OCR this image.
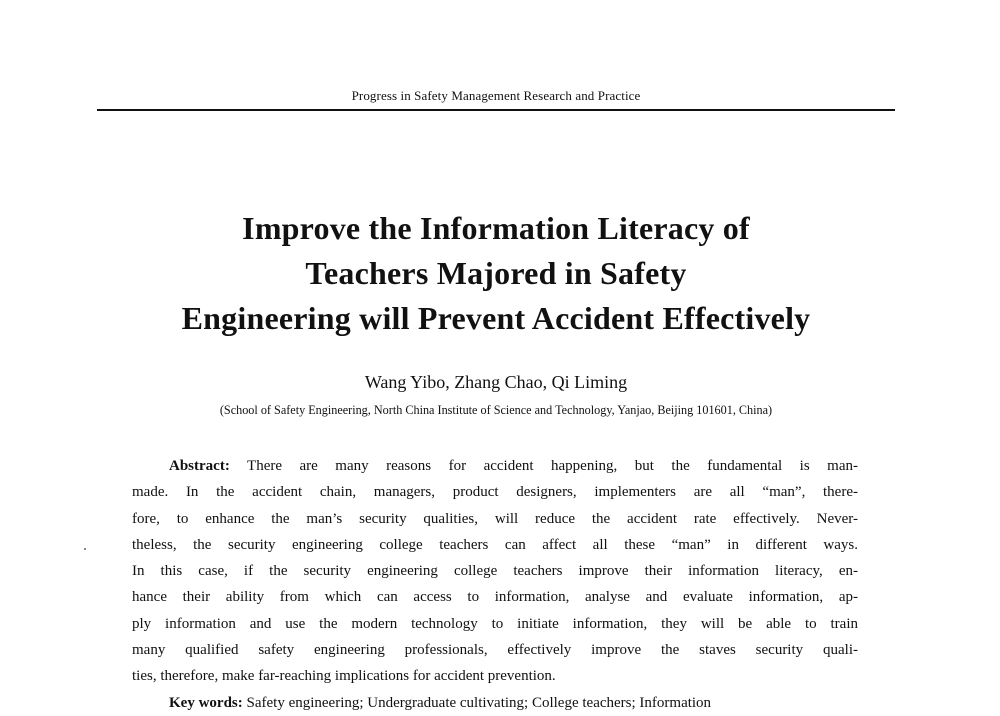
Progress in Safety Management Research and Practice
Improve the Information Literacy of
Teachers Majored in Safety
Engineering will Prevent Accident Effectively
Wang Yibo, Zhang Chao, Qi Liming
(School of Safety Engineering, North China Institute of Science and Technology, Yanjao, Beijing 101601, China)
Abstract: There are many reasons for accident happening, but the fundamental is man-
made. In the accident chain, managers, product designers, implementers are all “man”, there-
fore, to enhance the man’s security qualities, will reduce the accident rate effectively. Never-
theless, the security engineering college teachers can affect all these “man” in different ways.
In this case, if the security engineering college teachers improve their information literacy, en-
hance their ability from which can access to information, analyse and evaluate information, ap-
ply information and use the modern technology to initiate information, they will be able to train
many qualified safety engineering professionals, effectively improve the staves security quali-
ties, therefore, make far-reaching implications for accident prevention.
Key words: Safety engineering; Undergraduate cultivating; College teachers; Information
